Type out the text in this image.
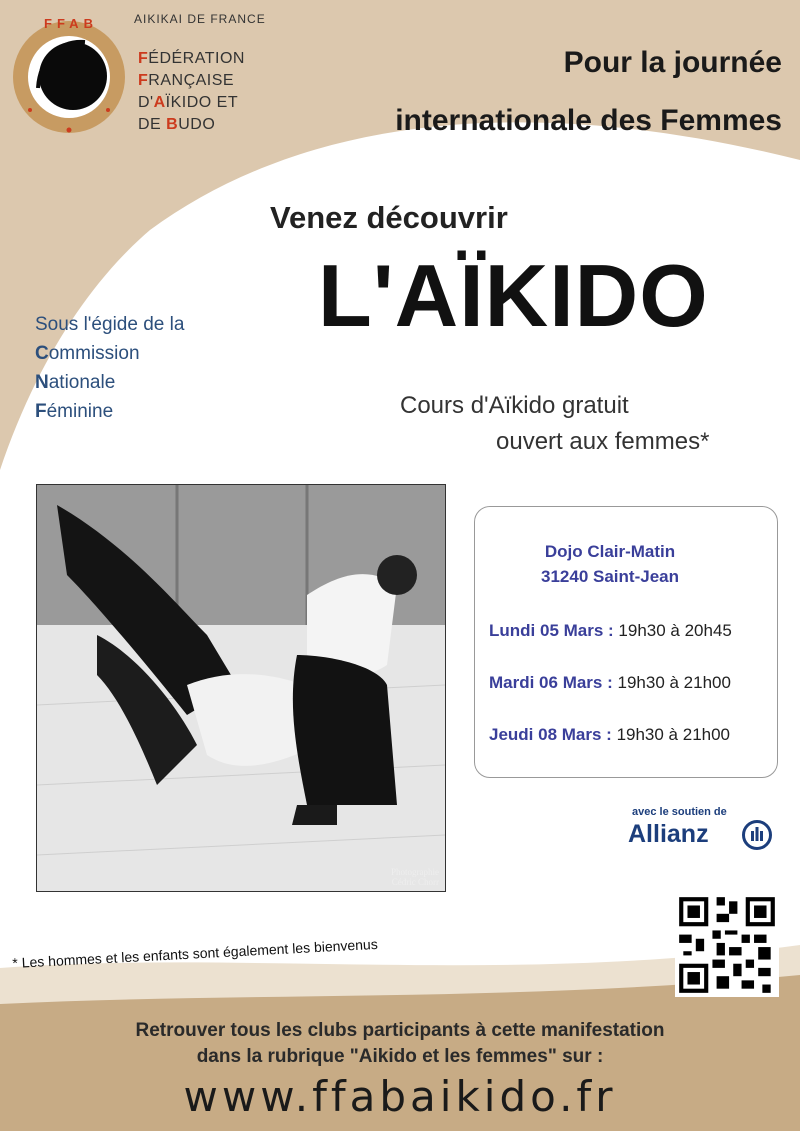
FFAB	AIKIKAI DE FRANCE
FÉDÉRATION
FRANÇAISE
D'AÏKIDO ET
DE BUDO
Pour la journée
internationale des Femmes
Venez découvrir
L'AÏKIDO
Sous l'égide de la
Commission
Nationale
Féminine	Cours d'Aïkido gratuit
ouvert aux femmes*
Photographie
Cédric Chorr
Dojo Clair-Matin
31240 Saint-Jean
Lundi 05 Mars : 19h30 à 20h45
Mardi 06 Mars : 19h30 à 21h00
Jeudi 08 Mars : 19h30 à 21h00
avec le soutien de
Allianz
* Les hommes et les enfants sont également les bienvenus
Retrouver tous les clubs participants à cette manifestation
dans la rubrique "Aikido et les femmes" sur :
www.ffabaikido.fr
